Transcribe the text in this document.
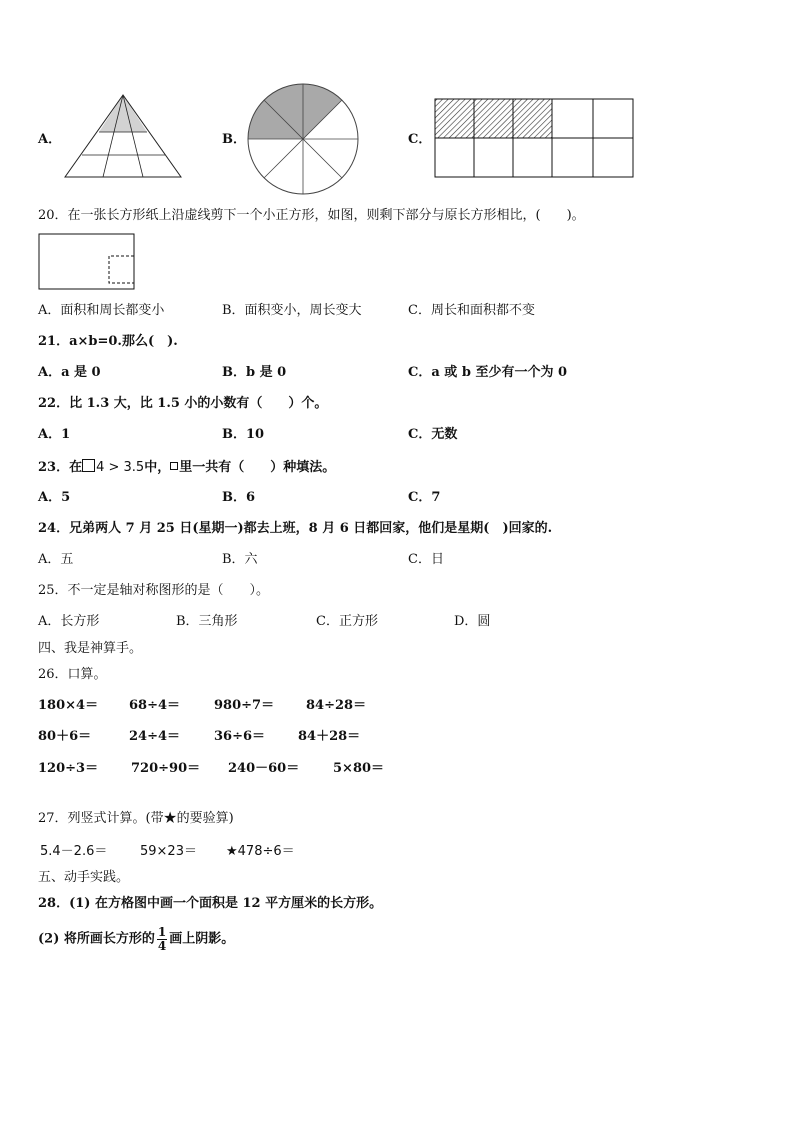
A．	B．	C．
20．在一张长方形纸上沿虚线剪下一个小正方形，如图，则剩下部分与原长方形相比，(　　)。
A．面积和周长都变小	B．面积变小，周长变大	C．周长和面积都不变
21．a×b=0.那么(　).
A．a 是 0	B．b 是 0	C．a 或 b 至少有一个为 0
22．比 1.3 大，比 1.5 小的小数有（　　）个。
A．1	B．10	C．无数
23．在 4 > 3.5中， 里一共有（　　）种填法。
A．5	B．6	C．7
24．兄弟两人 7 月 25 日(星期一)都去上班，8 月 6 日都回家，他们是星期(　)回家的.
A．五	B．六	C．日
25．不一定是轴对称图形的是（　　）。
A．长方形	B．三角形	C．正方形	D．圆
四、我是神算手。
26．口算。
180×4＝ 68÷4＝	980÷7＝ 84÷28＝
80＋6＝	24÷4＝	36÷6＝	84＋28＝
120÷3＝	720÷90＝ 240－60＝	5×80＝
27．列竖式计算。(带★的要验算)
5.4－2.6＝	59×23＝ ★478÷6＝
五、动手实践。
28．(1) 在方格图中画一个面积是 12 平方厘米的长方形。
(2) 将所画长方形的 $\frac{1}{4}$ 画上阴影。
